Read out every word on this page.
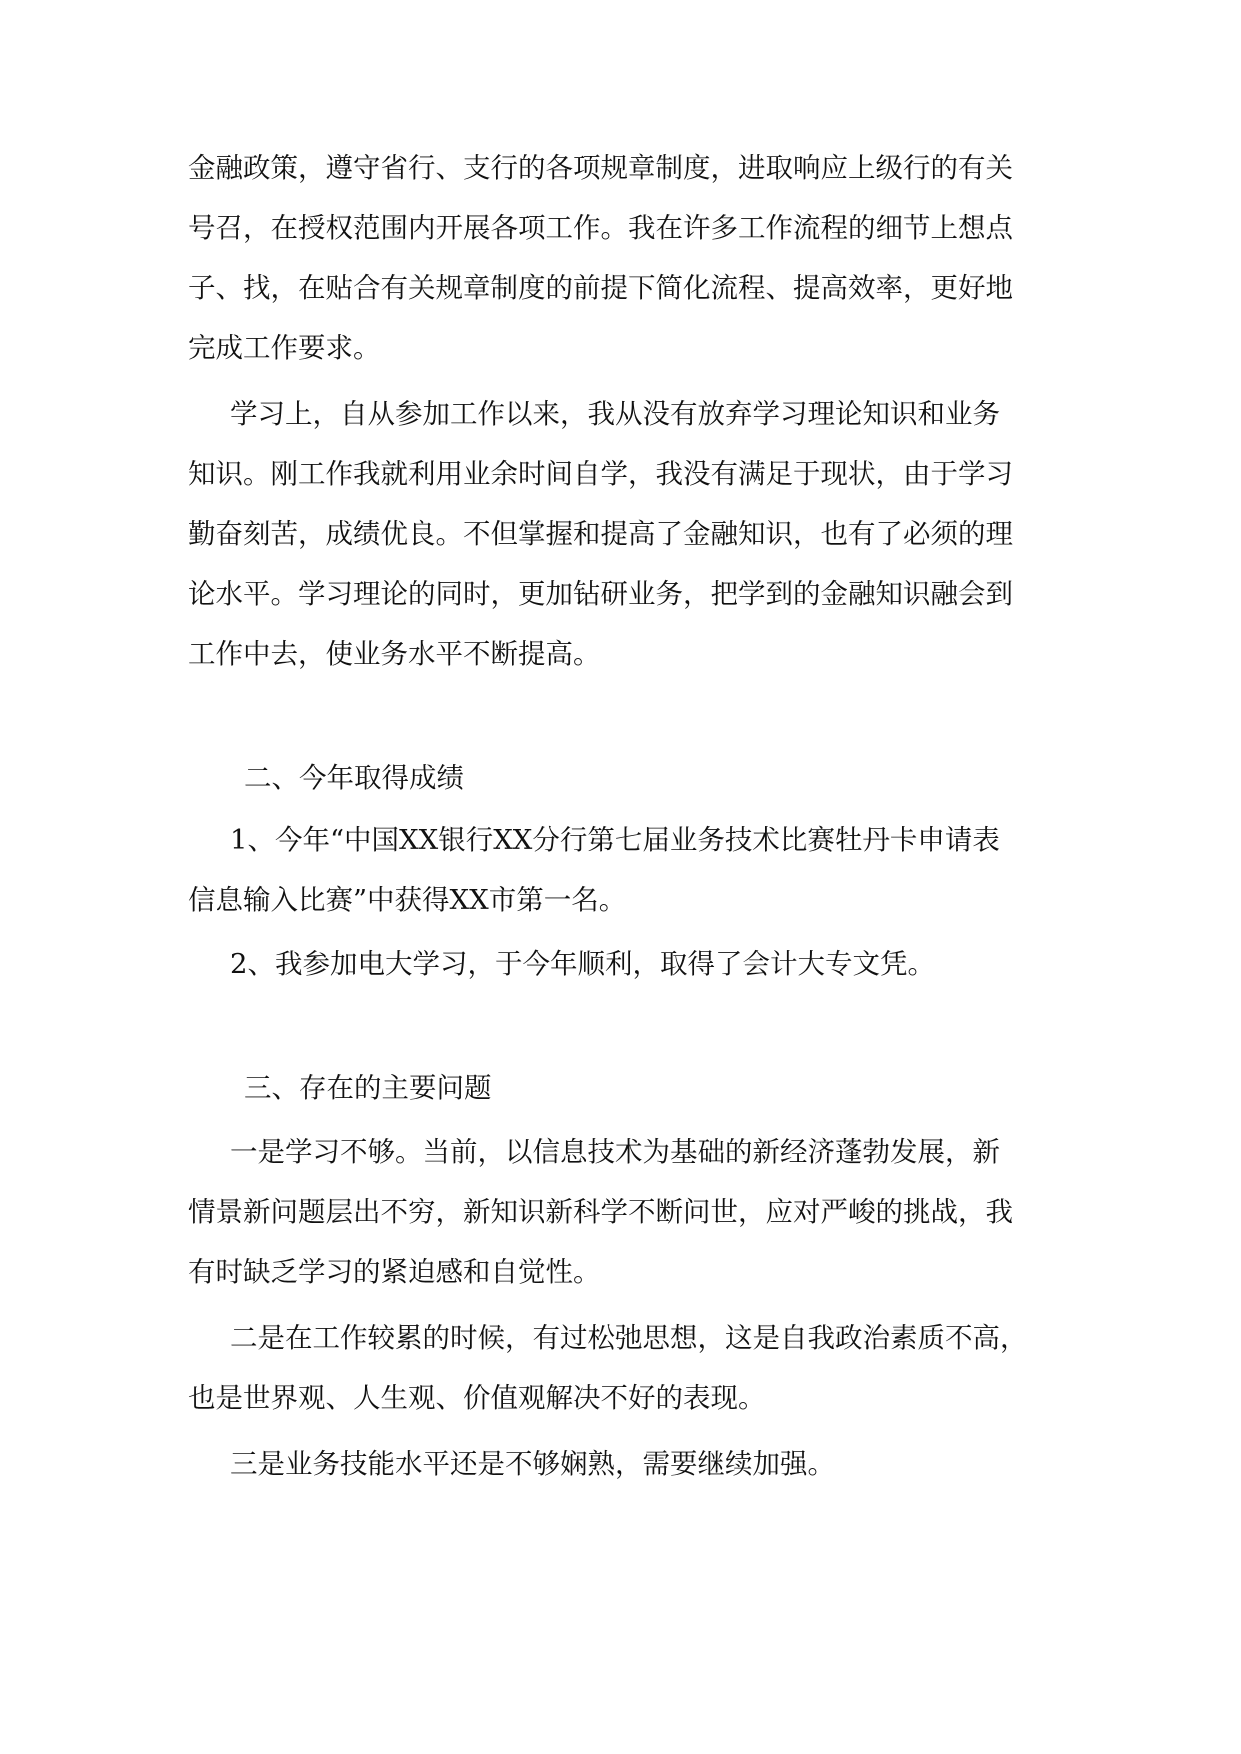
金融政策，遵守省行、支行的各项规章制度，进取响应上级行的有关
号召，在授权范围内开展各项工作。我在许多工作流程的细节上想点
子、找，在贴合有关规章制度的前提下简化流程、提高效率，更好地
完成工作要求。
学习上，自从参加工作以来，我从没有放弃学习理论知识和业务
知识。刚工作我就利用业余时间自学，我没有满足于现状，由于学习
勤奋刻苦，成绩优良。不但掌握和提高了金融知识，也有了必须的理
论水平。学习理论的同时，更加钻研业务，把学到的金融知识融会到
工作中去，使业务水平不断提高。
二、今年取得成绩
1、今年“中国XX银行XX分行第七届业务技术比赛牡丹卡申请表
信息输入比赛”中获得XX市第一名。
2、我参加电大学习，于今年顺利，取得了会计大专文凭。
三、存在的主要问题
一是学习不够。当前，以信息技术为基础的新经济蓬勃发展，新
情景新问题层出不穷，新知识新科学不断问世，应对严峻的挑战，我
有时缺乏学习的紧迫感和自觉性。
二是在工作较累的时候，有过松弛思想，这是自我政治素质不高，
也是世界观、人生观、价值观解决不好的表现。
三是业务技能水平还是不够娴熟，需要继续加强。
